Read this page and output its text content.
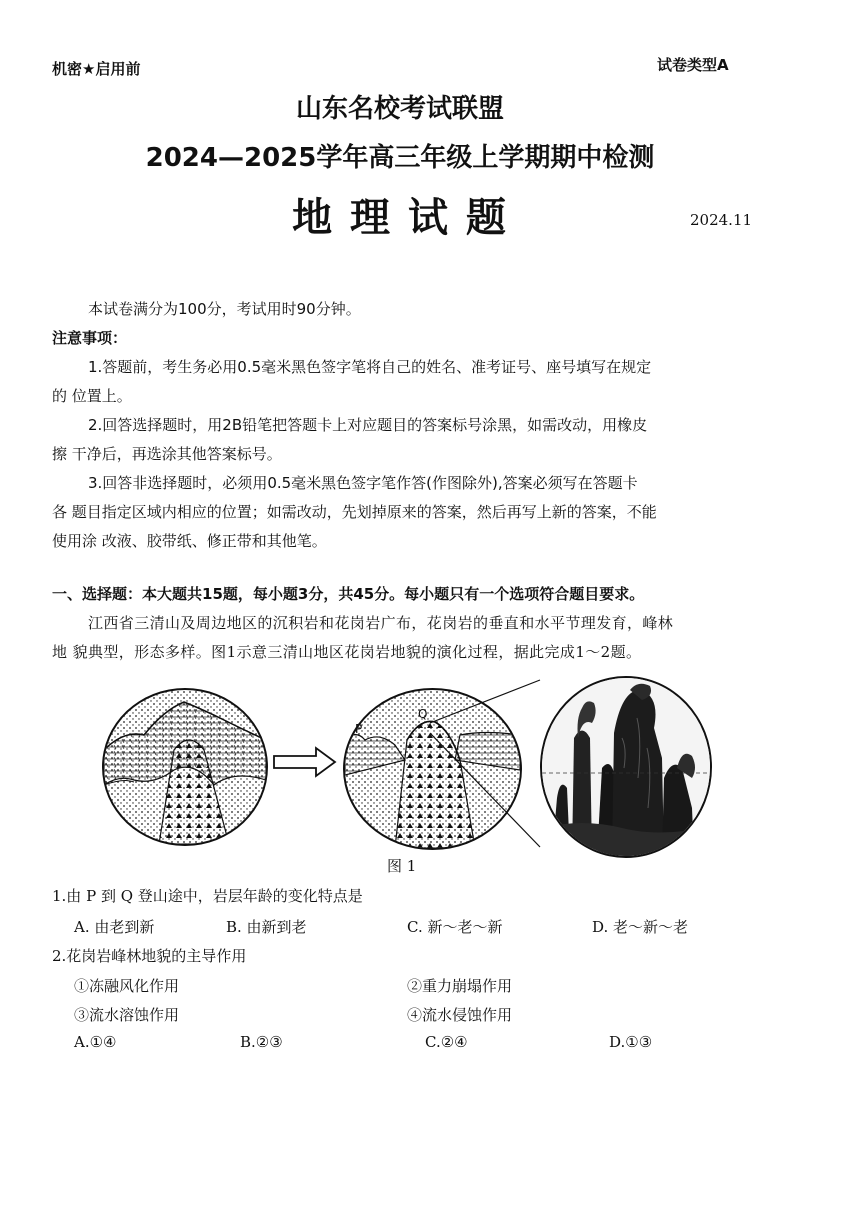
机密★启用前	试卷类型A
山东名校考试联盟
2024—2025学年高三年级上学期期中检测
地 理 试 题	2024.11
本试卷满分为100分，考试用时90分钟。
注意事项：
1.答题前，考生务必用0.5毫米黑色签字笔将自己的姓名、准考证号、座号填写在规定
的 位置上。
2.回答选择题时，用2B铅笔把答题卡上对应题目的答案标号涂黑，如需改动，用橡皮
擦 干净后，再选涂其他答案标号。
3.回答非选择题时，必须用0.5毫米黑色签字笔作答(作图除外),答案必须写在答题卡
各 题目指定区域内相应的位置；如需改动，先划掉原来的答案，然后再写上新的答案，不能
使用涂 改液、胶带纸、修正带和其他笔。
一、选择题：本大题共15题，每小题3分，共45分。每小题只有一个选项符合题目要求。
江西省三清山及周边地区的沉积岩和花岗岩广布，花岗岩的垂直和水平节理发育，峰林
地 貌典型，形态多样。图1示意三清山地区花岗岩地貌的演化过程，据此完成1～2题。
P
Q
图 1
1.由 P 到 Q 登山途中，岩层年龄的变化特点是
A. 由老到新	B. 由新到老	C. 新～老～新	D. 老～新～老
2.花岗岩峰林地貌的主导作用
①冻融风化作用	②重力崩塌作用
③流水溶蚀作用	④流水侵蚀作用
A.①④	B.②③	C.②④	D.①③
